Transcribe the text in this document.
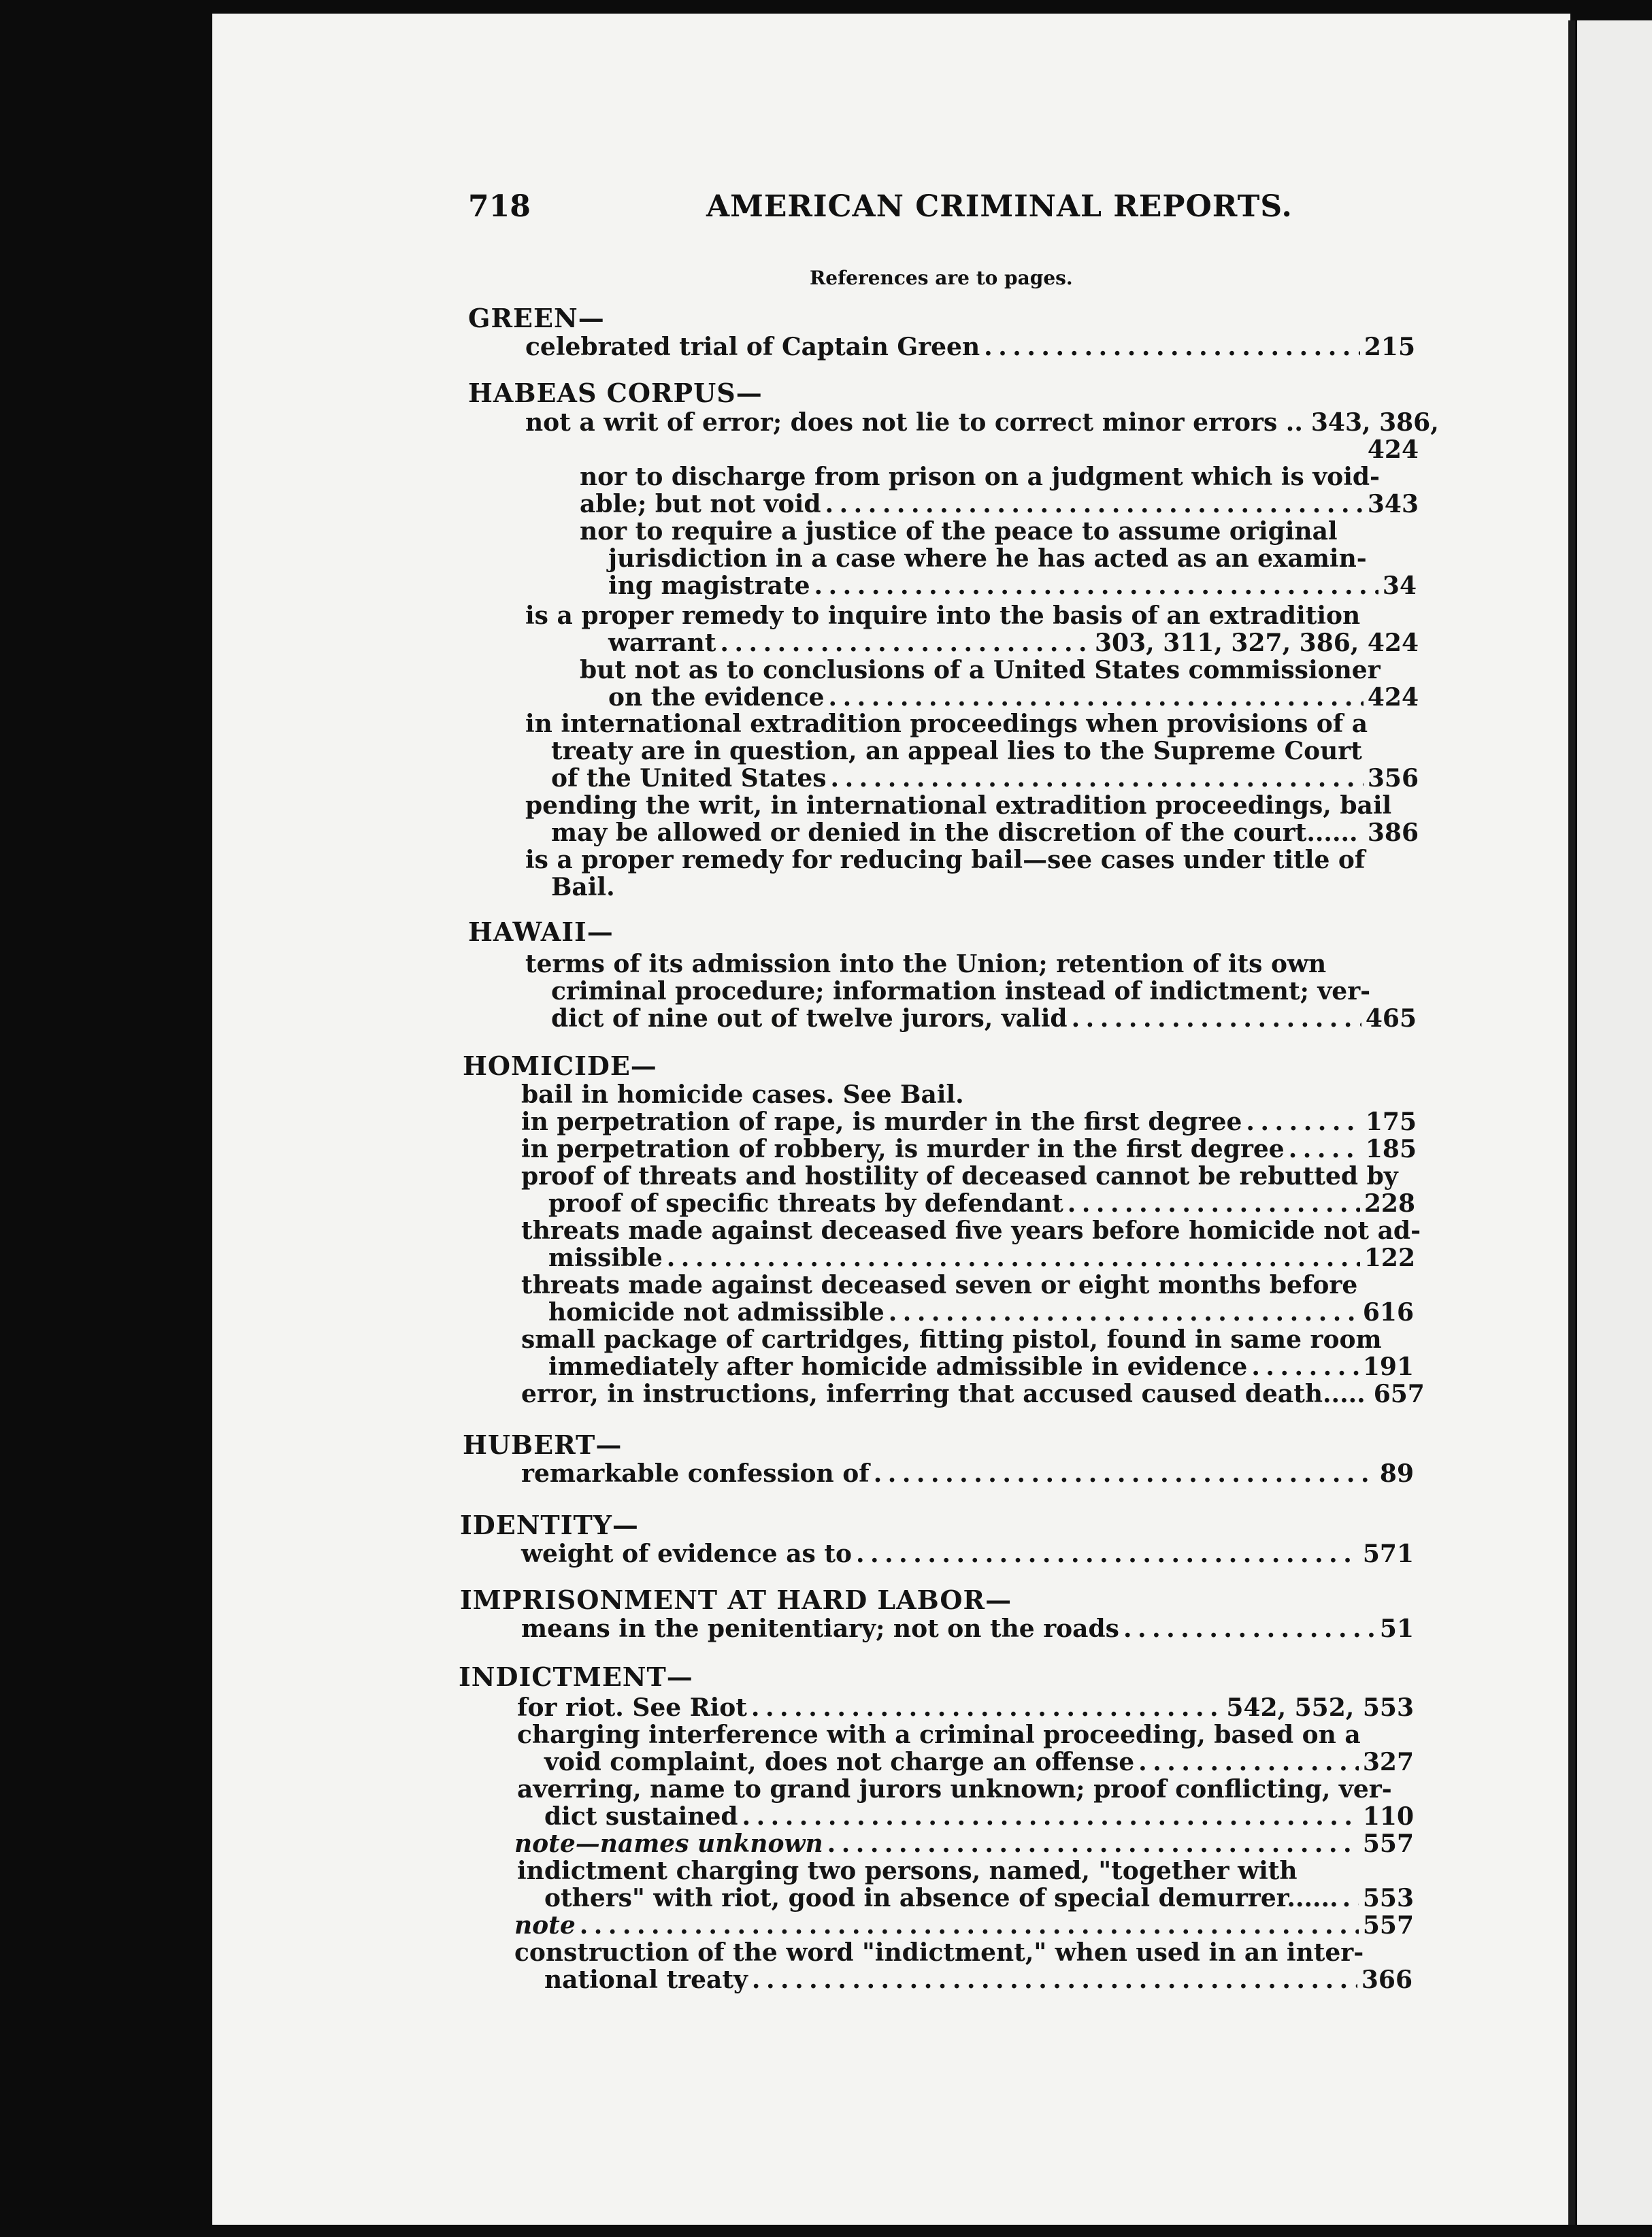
718	AMERICAN CRIMINAL REPORTS.
References are to pages.
GREEN—
celebrated trial of Captain Green . . .	215
HABEAS CORPUS—
not a writ of error; does not lie to correct minor errors .. 343, 386,
424
nor to discharge from prison on a judgment which is void-
able; but not void . . .	343
nor to require a justice of the peace to assume original
jurisdiction in a case where he has acted as an examin-
ing magistrate . . .	34
is a proper remedy to inquire into the basis of an extradition
warrant . . .	303, 311, 327, 386, 424
but not as to conclusions of a United States commissioner
on the evidence . . .	424
in international extradition proceedings when provisions of a
treaty are in question, an appeal lies to the Supreme Court
of the United States . . .	356
pending the writ, in international extradition proceedings, bail
may be allowed or denied in the discretion of the court...... . . . 386
is a proper remedy for reducing bail—see cases under title of
Bail.
HAWAII—
terms of its admission into the Union; retention of its own
criminal procedure; information instead of indictment; ver-
dict of nine out of twelve jurors, valid . . .	465
HOMICIDE—
bail in homicide cases. See Bail.
in perpetration of rape, is murder in the first degree . . .	175
in perpetration of robbery, is murder in the first degree . . .	185
proof of threats and hostility of deceased cannot be rebutted by
proof of specific threats by defendant . . .	228
threats made against deceased five years before homicide not ad-
missible . . .	122
threats made against deceased seven or eight months before
homicide not admissible . . .	616
small package of cartridges, fitting pistol, found in same room
immediately after homicide admissible in evidence . . .	191
error, in instructions, inferring that accused caused death..... 657
HUBERT—
remarkable confession of . . .	89
IDENTITY—
weight of evidence as to . . .	571
IMPRISONMENT AT HARD LABOR—
means in the penitentiary; not on the roads . . .	51
INDICTMENT—
for riot. See Riot . . .	542, 552, 553
charging interference with a criminal proceeding, based on a
void complaint, does not charge an offense . . .	327
averring, name to grand jurors unknown; proof conflicting, ver-
dict sustained . . .	110
note—names unknown . . .	557
indictment charging two persons, named, "together with
others" with riot, good in absence of special demurrer...... . . . 553
note . . .	557
construction of the word "indictment," when used in an inter-
national treaty . . .	366
